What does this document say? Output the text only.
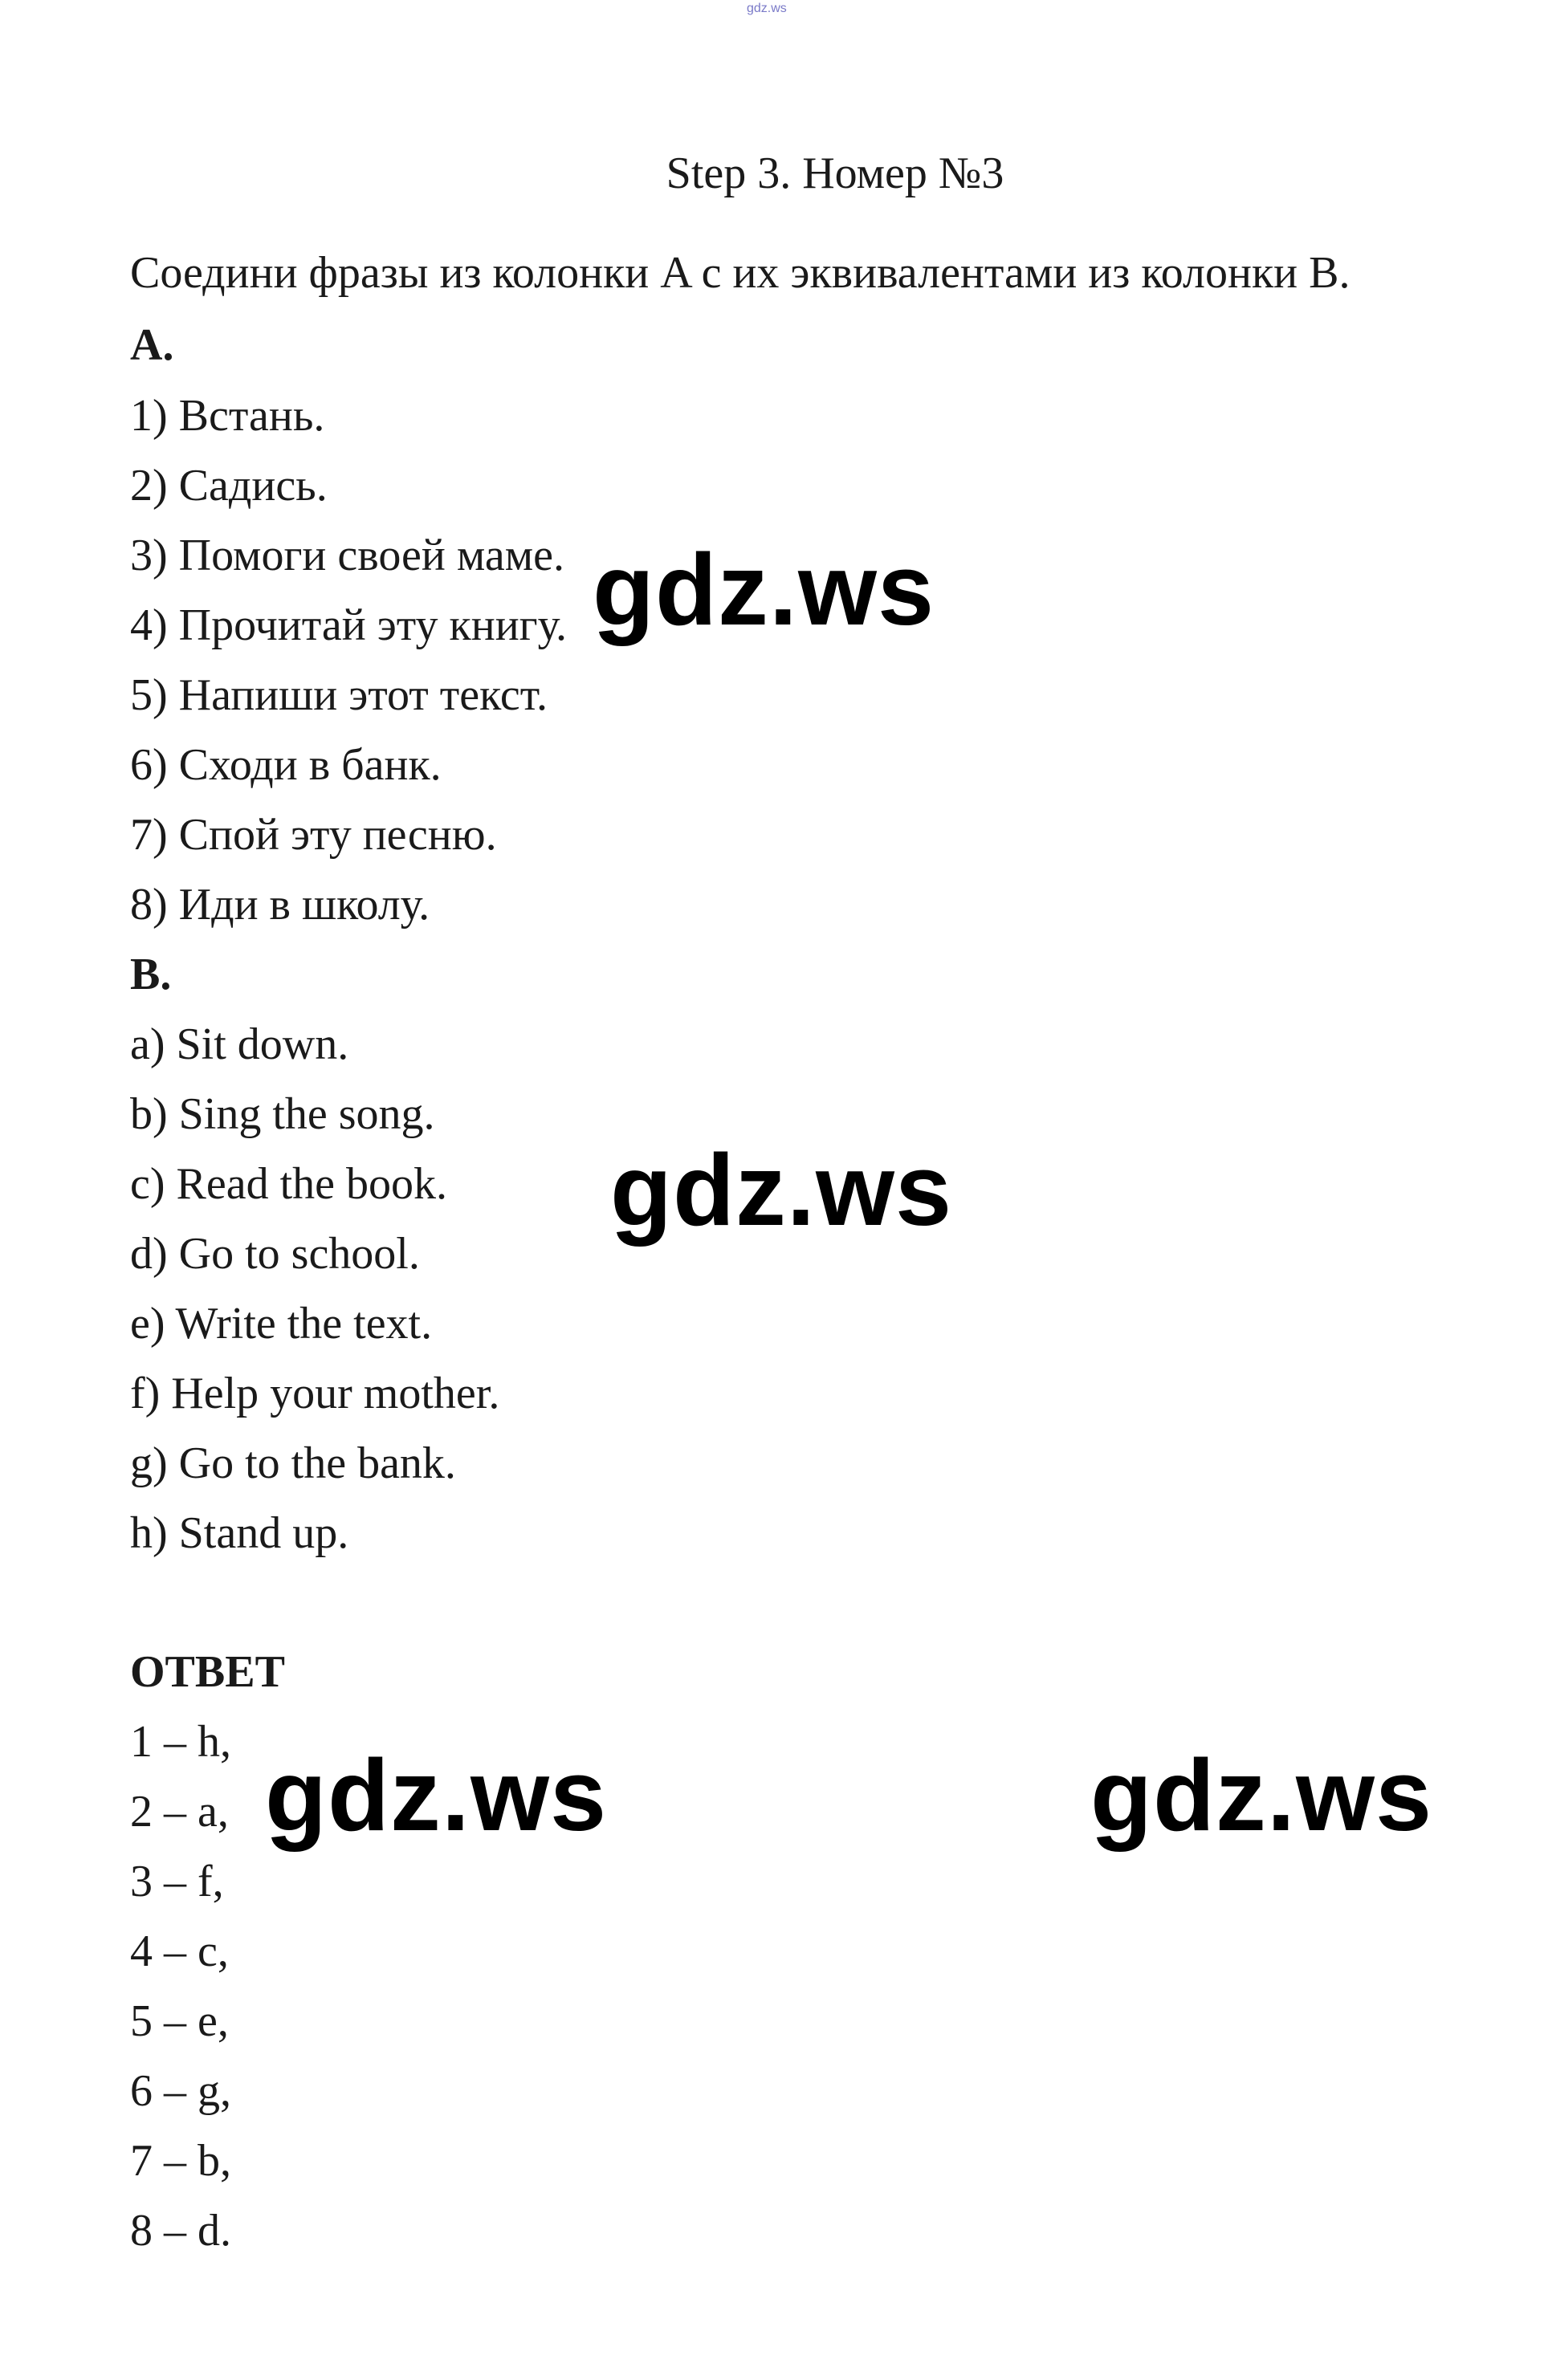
gdz.ws
Step 3. Номер №3
Соедини фразы из колонки A с их эквивалентами из колонки B.
A.
1) Встань.
2) Садись.
3) Помоги своей маме.
4) Прочитай эту книгу.
5) Напиши этот текст.
6) Сходи в банк.
7) Спой эту песню.
8) Иди в школу.
B.
a) Sit down.
b) Sing the song.
c) Read the book.
d) Go to school.
e) Write the text.
f) Help your mother.
g) Go to the bank.
h) Stand up.
ОТВЕТ
1 – h,
2 – a,
3 – f,
4 – c,
5 – e,
6 – g,
7 – b,
8 – d.
gdz.ws
gdz.ws
gdz.ws	gdz.ws
